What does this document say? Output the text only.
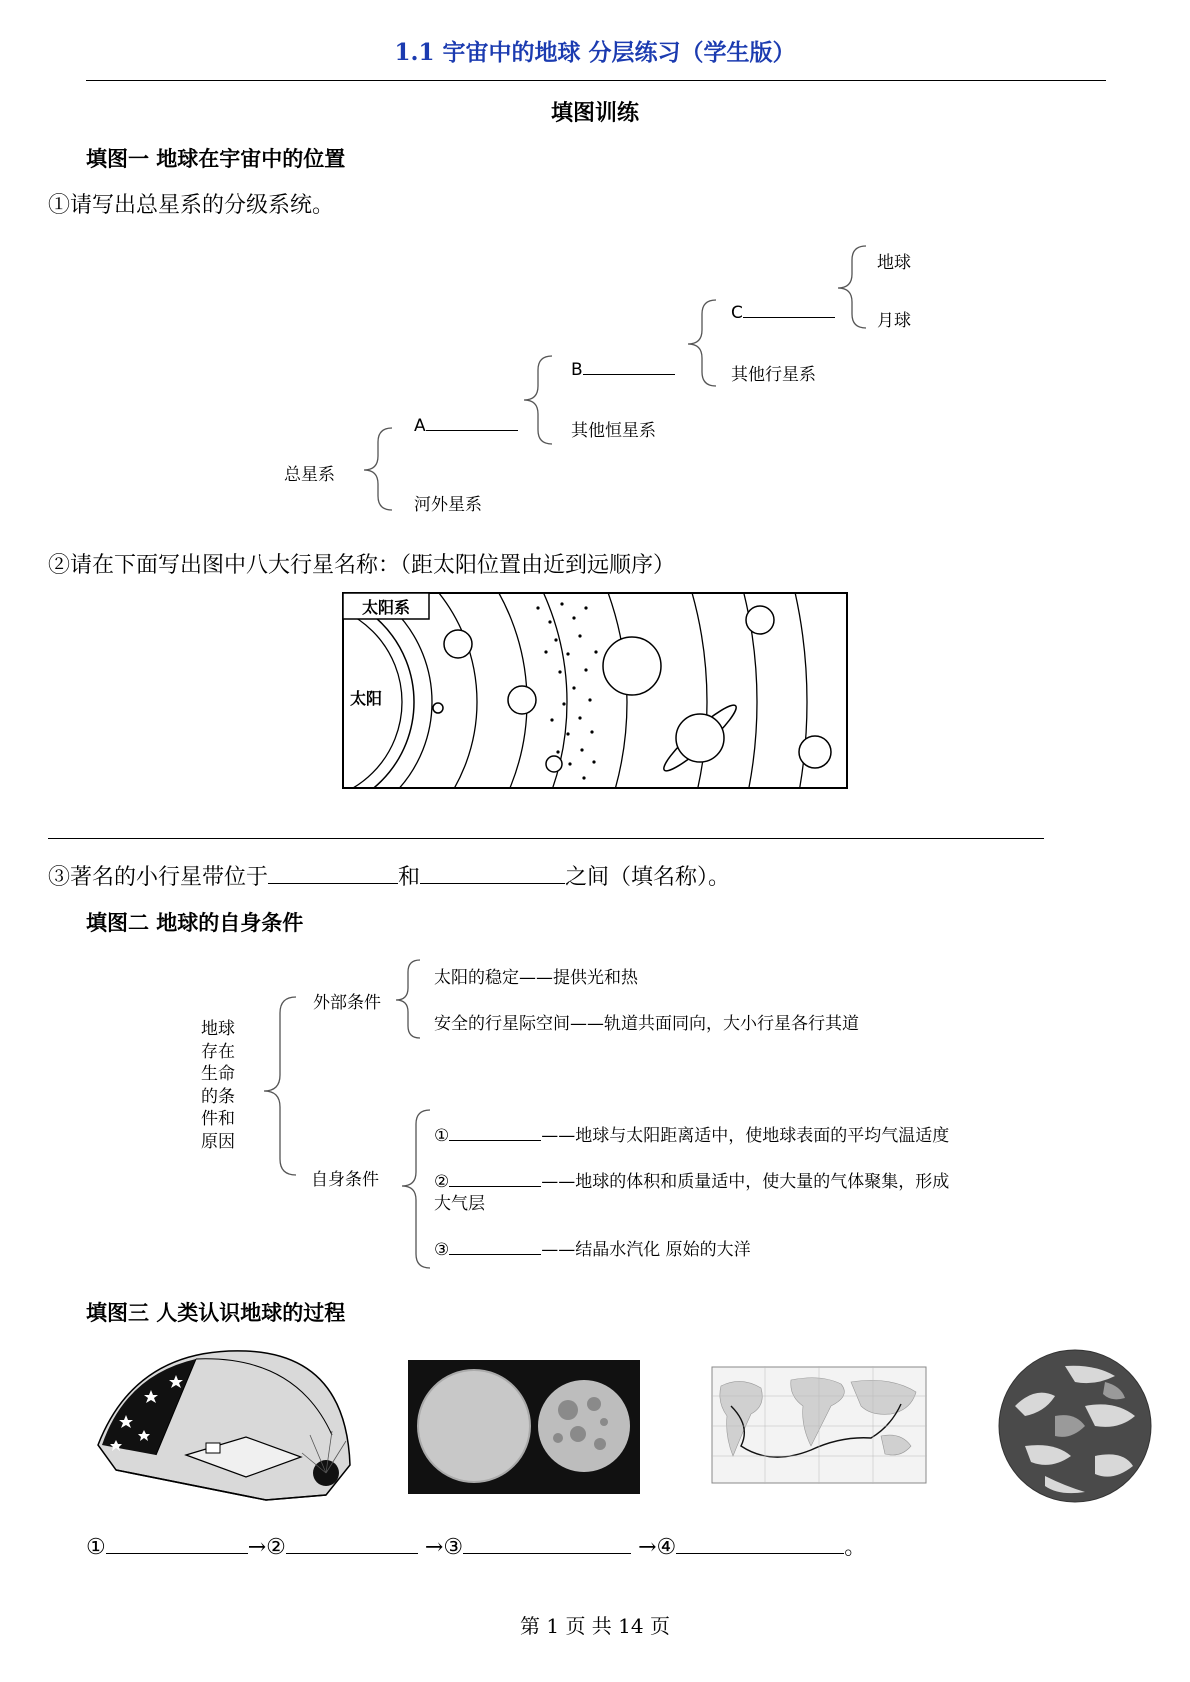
1.1 宇宙中的地球 分层练习（学生版）
填图训练
填图一 地球在宇宙中的位置
①请写出总星系的分级系统。
总星系
A
河外星系
B
其他恒星系
C
其他行星系
地球
月球
②请在下面写出图中八大行星名称：（距太阳位置由近到远顺序）
太阳系
太阳
③著名的小行星带位于	和	之间（填名称）。
填图二 地球的自身条件
地球
存在
生命
的条
件和
原因
外部条件
太阳的稳定——提供光和热
安全的行星际空间——轨道共面同向，大小行星各行其道
自身条件
①	——地球与太阳距离适中，使地球表面的平均气温适度
②	——地球的体积和质量适中，使大量的气体聚集，形成
大气层
③	——结晶水汽化 原始的大洋
填图三 人类认识地球的过程
①	→②	→③	→④	。
第 1 页 共 14 页
